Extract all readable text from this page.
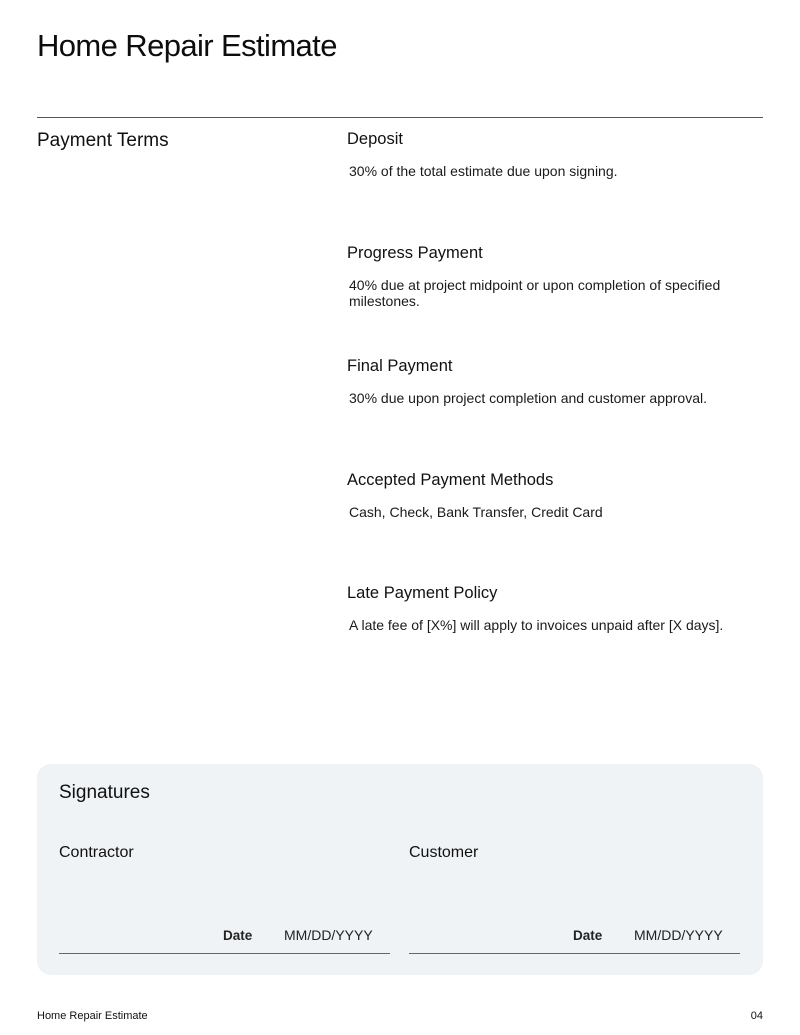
Home Repair Estimate
Payment Terms	Deposit
30% of the total estimate due upon signing.
Progress Payment
40% due at project midpoint or upon completion of specified milestones.
Final Payment
30% due upon project completion and customer approval.
Accepted Payment Methods
Cash, Check, Bank Transfer, Credit Card
Late Payment Policy
A late fee of [X%] will apply to invoices unpaid after [X days].
Signatures
Contractor
Date MM/DD/YYYY
Customer
Date MM/DD/YYYY
Home Repair Estimate	04
